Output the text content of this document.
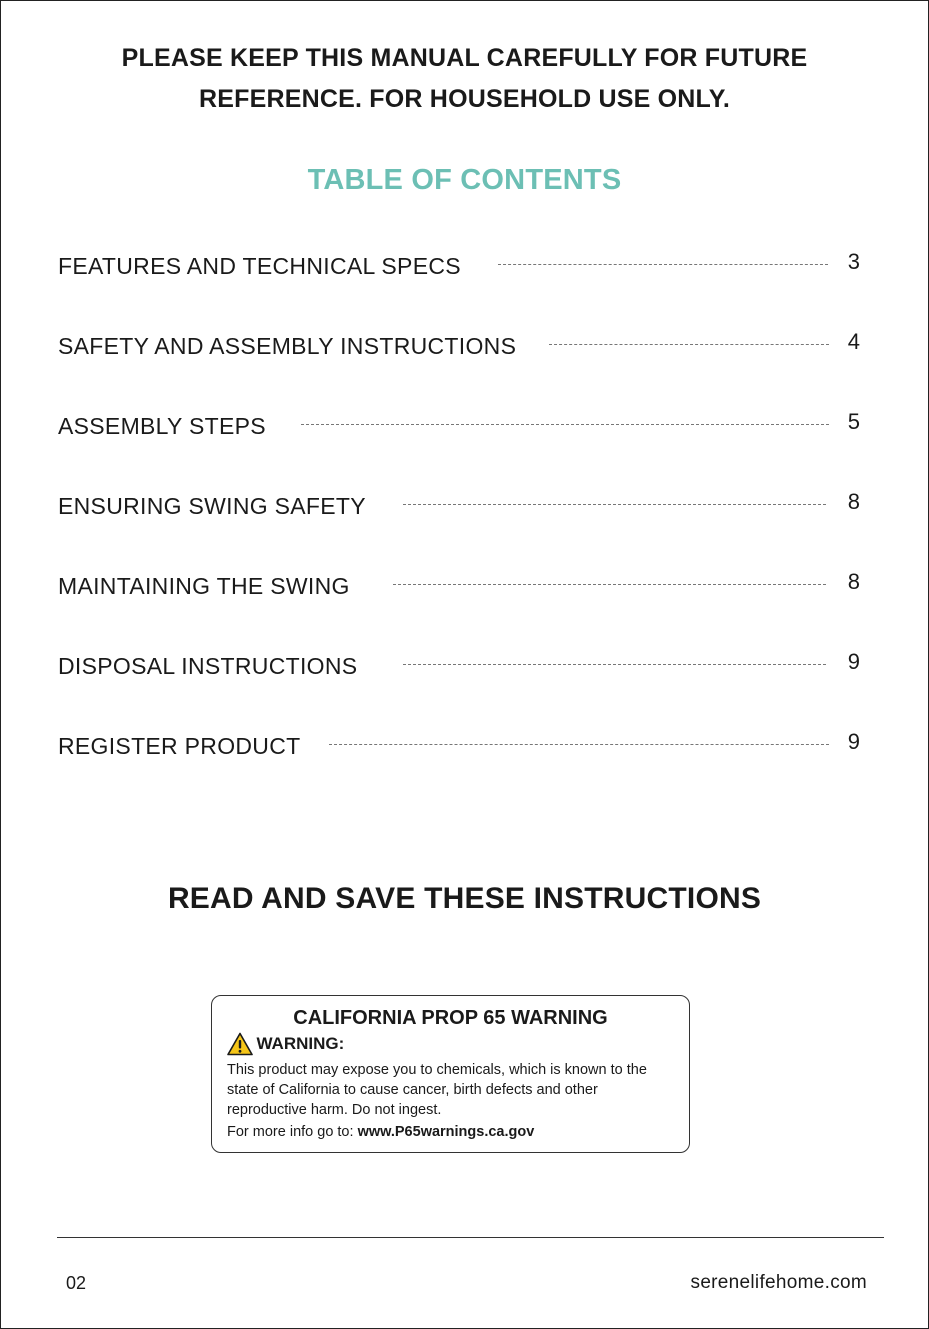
PLEASE KEEP THIS MANUAL CAREFULLY FOR FUTURE
REFERENCE. FOR HOUSEHOLD USE ONLY.
TABLE OF CONTENTS
FEATURES AND TECHNICAL SPECS	3
SAFETY AND ASSEMBLY INSTRUCTIONS	4
ASSEMBLY STEPS	5
ENSURING SWING SAFETY	8
MAINTAINING THE SWING	8
DISPOSAL INSTRUCTIONS	9
REGISTER PRODUCT	9
READ AND SAVE THESE INSTRUCTIONS
CALIFORNIA PROP 65 WARNING
WARNING:
This product may expose you to chemicals, which is known to the state of California to cause cancer, birth defects and other reproductive harm. Do not ingest.
For more info go to: www.P65warnings.ca.gov
02	serenelifehome.com
